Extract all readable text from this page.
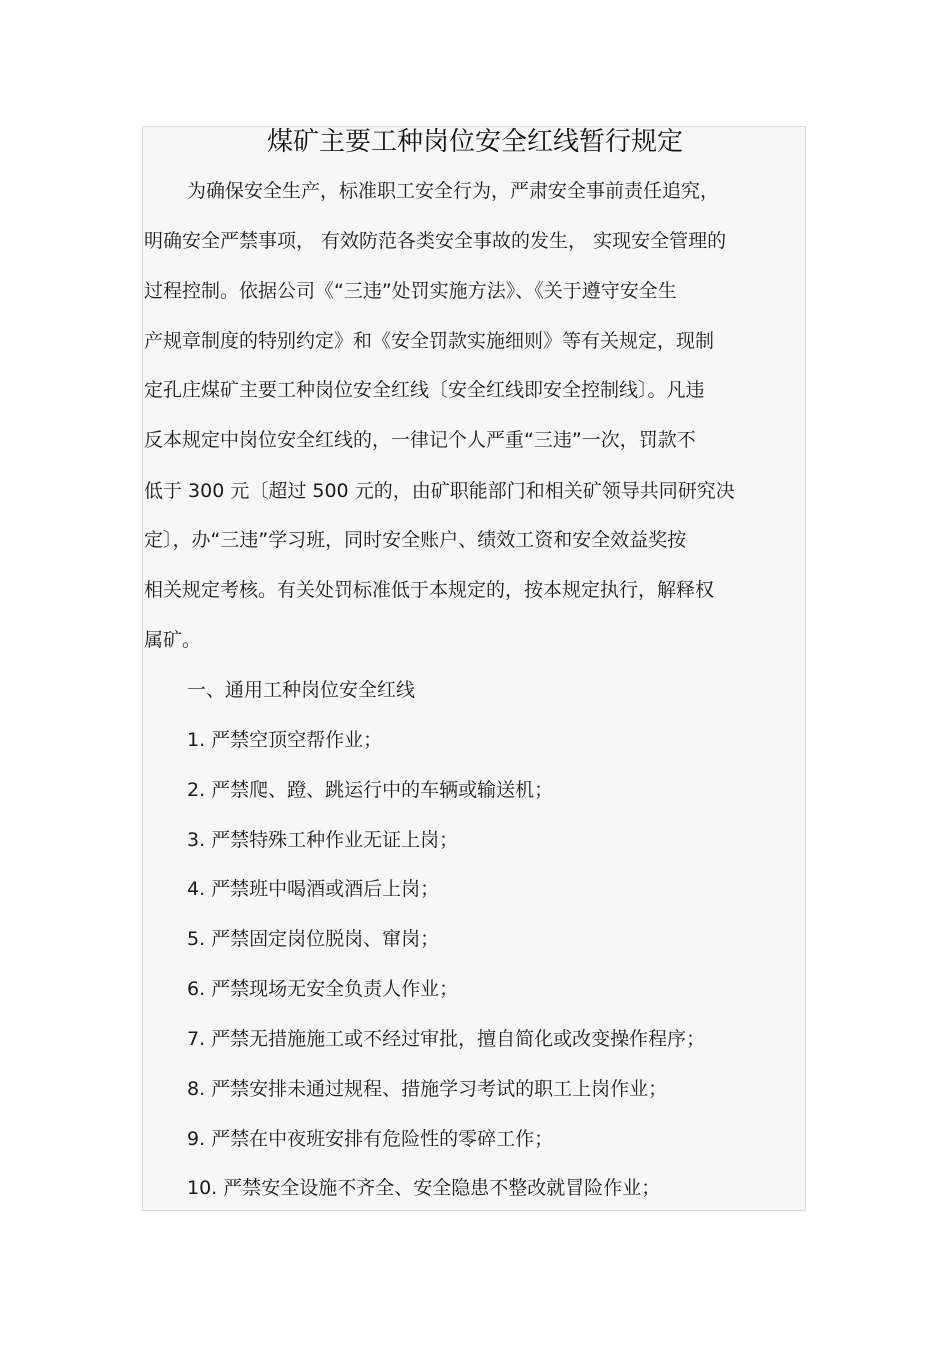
煤矿主要工种岗位安全红线暂行规定
为确保安全生产，标准职工安全行为，严肃安全事前责任追究，
明确安全严禁事项， 有效防范各类安全事故的发生， 实现安全管理的
过程控制。依据公司《“三违”处罚实施方法》、《关于遵守安全生
产规章制度的特别约定》和《安全罚款实施细则》等有关规定，现制
定孔庄煤矿主要工种岗位安全红线〔安全红线即安全控制线〕。凡违
反本规定中岗位安全红线的，一律记个人严重“三违”一次，罚款不
低于 300 元〔超过 500 元的，由矿职能部门和相关矿领导共同研究决
定〕，办“三违”学习班，同时安全账户、绩效工资和安全效益奖按
相关规定考核。有关处罚标准低于本规定的，按本规定执行，解释权
属矿。
一、通用工种岗位安全红线
1. 严禁空顶空帮作业；
2. 严禁爬、蹬、跳运行中的车辆或输送机；
3. 严禁特殊工种作业无证上岗；
4. 严禁班中喝酒或酒后上岗；
5. 严禁固定岗位脱岗、窜岗；
6. 严禁现场无安全负责人作业；
7. 严禁无措施施工或不经过审批，擅自简化或改变操作程序；
8. 严禁安排未通过规程、措施学习考试的职工上岗作业；
9. 严禁在中夜班安排有危险性的零碎工作；
10. 严禁安全设施不齐全、安全隐患不整改就冒险作业；
